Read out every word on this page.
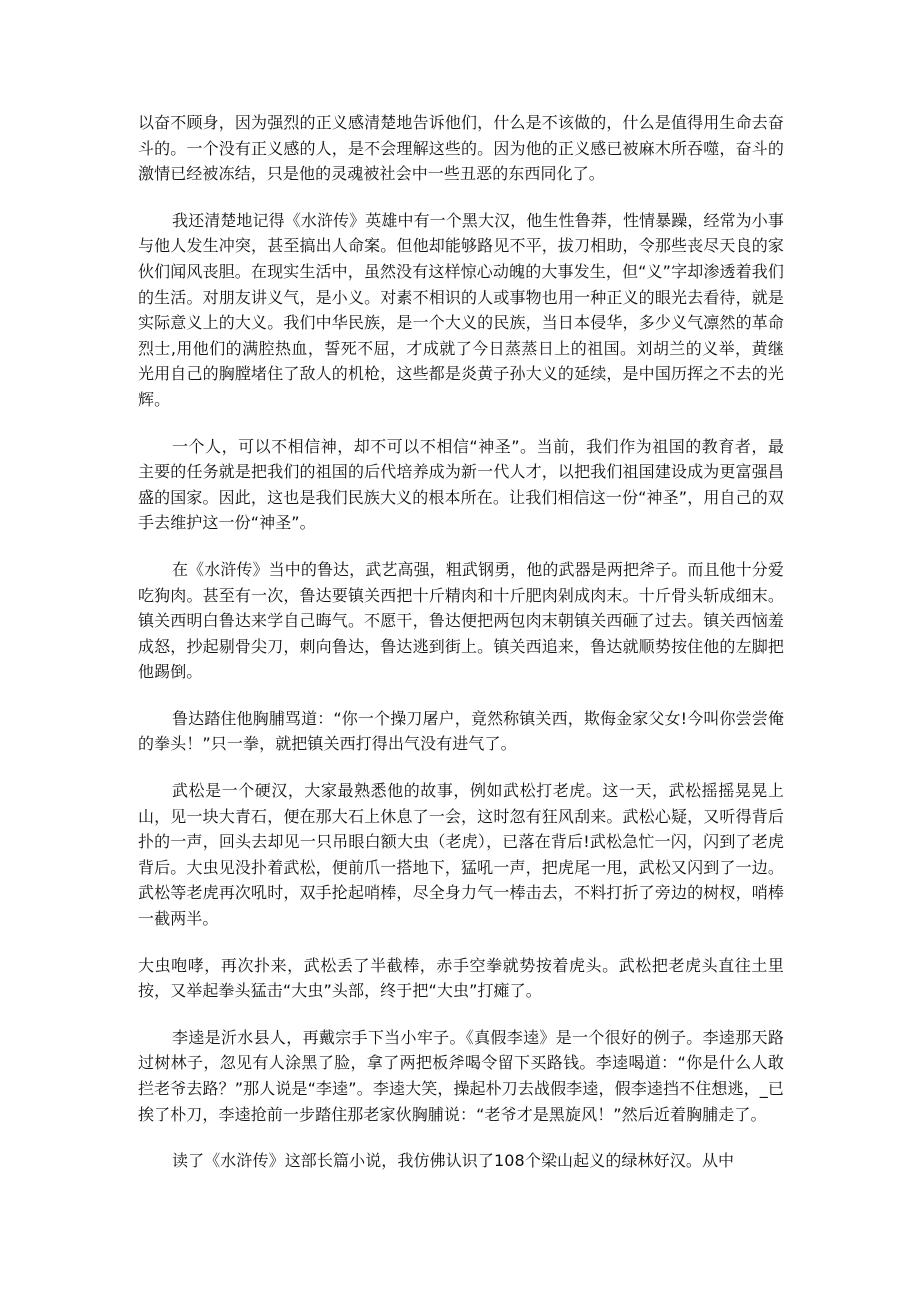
以奋不顾身，因为强烈的正义感清楚地告诉他们，什么是不该做的，什么是值得用生命去奋斗的。一个没有正义感的人，是不会理解这些的。因为他的正义感已被麻木所吞噬，奋斗的激情已经被冻结，只是他的灵魂被社会中一些丑恶的东西同化了。

我还清楚地记得《水浒传》英雄中有一个黑大汉，他生性鲁莽，性情暴躁，经常为小事与他人发生冲突，甚至搞出人命案。但他却能够路见不平，拔刀相助，令那些丧尽天良的家伙们闻风丧胆。在现实生活中，虽然没有这样惊心动魄的大事发生，但“义”字却渗透着我们的生活。对朋友讲义气，是小义。对素不相识的人或事物也用一种正义的眼光去看待，就是实际意义上的大义。我们中华民族，是一个大义的民族，当日本侵华，多少义气凛然的革命烈士,用他们的满腔热血，誓死不屈，才成就了今日蒸蒸日上的祖国。刘胡兰的义举，黄继光用自己的胸膛堵住了敌人的机枪，这些都是炎黄子孙大义的延续，是中国历挥之不去的光辉。

一个人，可以不相信神，却不可以不相信“神圣”。当前，我们作为祖国的教育者，最主要的任务就是把我们的祖国的后代培养成为新一代人才，以把我们祖国建设成为更富强昌盛的国家。因此，这也是我们民族大义的根本所在。让我们相信这一份“神圣”，用自己的双手去维护这一份“神圣”。

在《水浒传》当中的鲁达，武艺高强，粗武钢勇，他的武器是两把斧子。而且他十分爱吃狗肉。甚至有一次，鲁达要镇关西把十斤精肉和十斤肥肉剁成肉末。十斤骨头斩成细末。镇关西明白鲁达来学自己晦气。不愿干，鲁达便把两包肉末朝镇关西砸了过去。镇关西恼羞成怒，抄起剔骨尖刀，刺向鲁达，鲁达逃到街上。镇关西追来，鲁达就顺势按住他的左脚把他踢倒。

鲁达踏住他胸脯骂道：“你一个操刀屠户，竟然称镇关西，欺侮金家父女!今叫你尝尝俺的拳头！”只一拳，就把镇关西打得出气没有进气了。

武松是一个硬汉，大家最熟悉他的故事，例如武松打老虎。这一天，武松摇摇晃晃上山，见一块大青石，便在那大石上休息了一会，这时忽有狂风刮来。武松心疑，又听得背后扑的一声，回头去却见一只吊眼白额大虫（老虎），已落在背后!武松急忙一闪，闪到了老虎背后。大虫见没扑着武松，便前爪一搭地下，猛吼一声，把虎尾一甩，武松又闪到了一边。武松等老虎再次吼时，双手抡起哨棒，尽全身力气一棒击去，不料打折了旁边的树杈，哨棒一截两半。

大虫咆哮，再次扑来，武松丢了半截棒，赤手空拳就势按着虎头。武松把老虎头直往土里按，又举起拳头猛击“大虫”头部，终于把“大虫”打瘫了。

李逵是沂水县人，再戴宗手下当小牢子。《真假李逵》是一个很好的例子。李逵那天路过树林子，忽见有人涂黑了脸，拿了两把板斧喝令留下买路钱。李逵喝道：“你是什么人敢拦老爷去路？”那人说是“李逵”。李逵大笑，操起朴刀去战假李逵，假李逵挡不住想逃，_已挨了朴刀，李逵抢前一步踏住那老家伙胸脯说：“老爷才是黑旋风！”然后近着胸脯走了。

读了《水浒传》这部长篇小说，我仿佛认识了108个梁山起义的绿林好汉。从中
